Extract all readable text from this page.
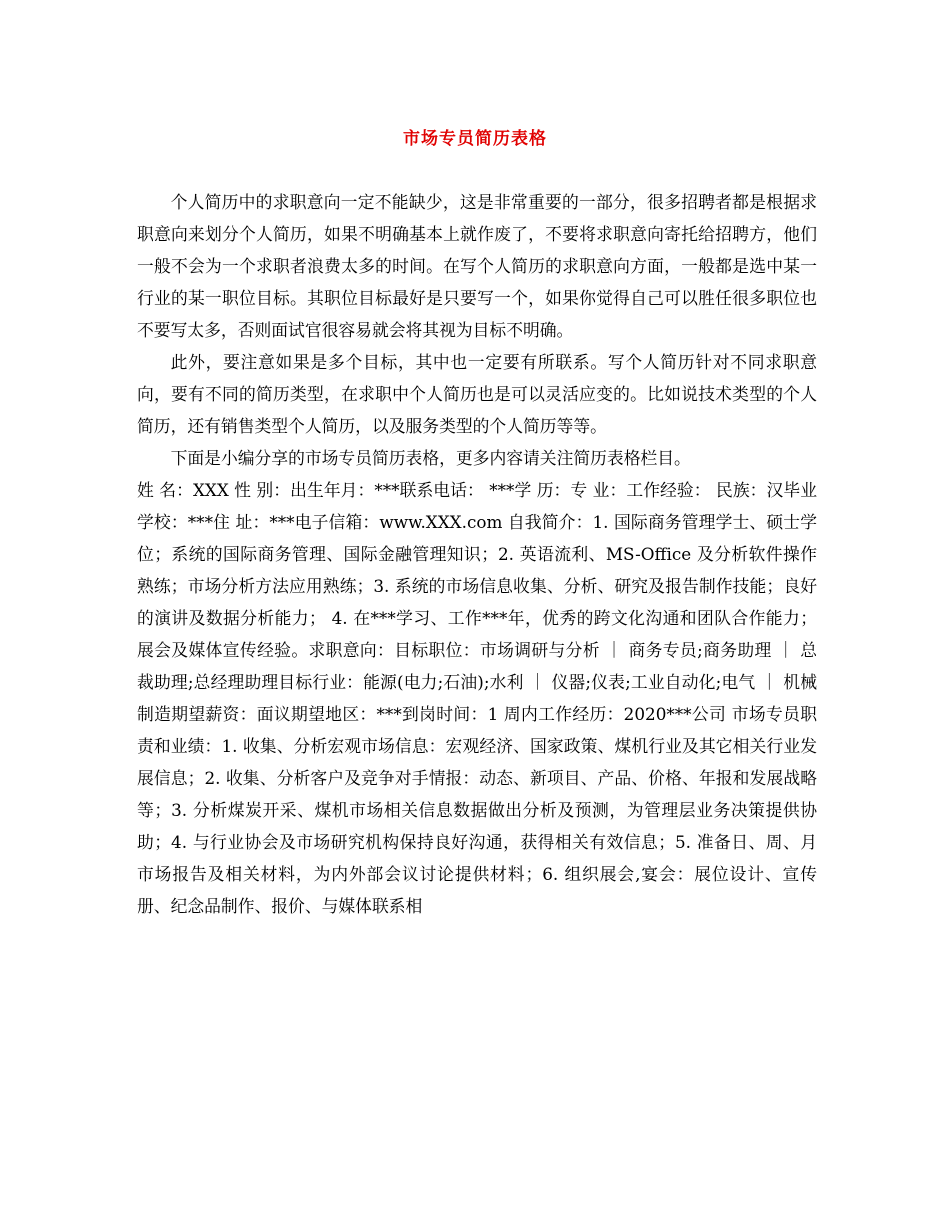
市场专员简历表格

个人简历中的求职意向一定不能缺少，这是非常重要的一部分，很多招聘者都是根据求职意向来划分个人简历，如果不明确基本上就作废了，不要将求职意向寄托给招聘方，他们一般不会为一个求职者浪费太多的时间。在写个人简历的求职意向方面，一般都是选中某一行业的某一职位目标。其职位目标最好是只要写一个，如果你觉得自己可以胜任很多职位也不要写太多，否则面试官很容易就会将其视为目标不明确。

此外，要注意如果是多个目标，其中也一定要有所联系。写个人简历针对不同求职意向，要有不同的简历类型，在求职中个人简历也是可以灵活应变的。比如说技术类型的个人简历，还有销售类型个人简历，以及服务类型的个人简历等等。

下面是小编分享的市场专员简历表格，更多内容请关注简历表格栏目。

姓 名：XXX 性 别：出生年月：***联系电话： ***学 历：专 业：工作经验： 民族：汉毕业学校：***住 址：***电子信箱：www.XXX.com 自我简介：1. 国际商务管理学士、硕士学位；系统的国际商务管理、国际金融管理知识；2. 英语流利、MS-Office 及分析软件操作熟练；市场分析方法应用熟练；3. 系统的市场信息收集、分析、研究及报告制作技能；良好的演讲及数据分析能力； 4. 在***学习、工作***年，优秀的跨文化沟通和团队合作能力；展会及媒体宣传经验。求职意向：目标职位：市场调研与分析 ｜ 商务专员;商务助理 ｜ 总裁助理;总经理助理目标行业：能源(电力;石油);水利 ｜ 仪器;仪表;工业自动化;电气 ｜ 机械制造期望薪资：面议期望地区：***到岗时间：1 周内工作经历：2020***公司 市场专员职责和业绩：1. 收集、分析宏观市场信息：宏观经济、国家政策、煤机行业及其它相关行业发展信息；2. 收集、分析客户及竞争对手情报：动态、新项目、产品、价格、年报和发展战略等；3. 分析煤炭开采、煤机市场相关信息数据做出分析及预测，为管理层业务决策提供协助；4. 与行业协会及市场研究机构保持良好沟通，获得相关有效信息；5. 准备日、周、月市场报告及相关材料，为内外部会议讨论提供材料；6. 组织展会,宴会：展位设计、宣传册、纪念品制作、报价、与媒体联系相
